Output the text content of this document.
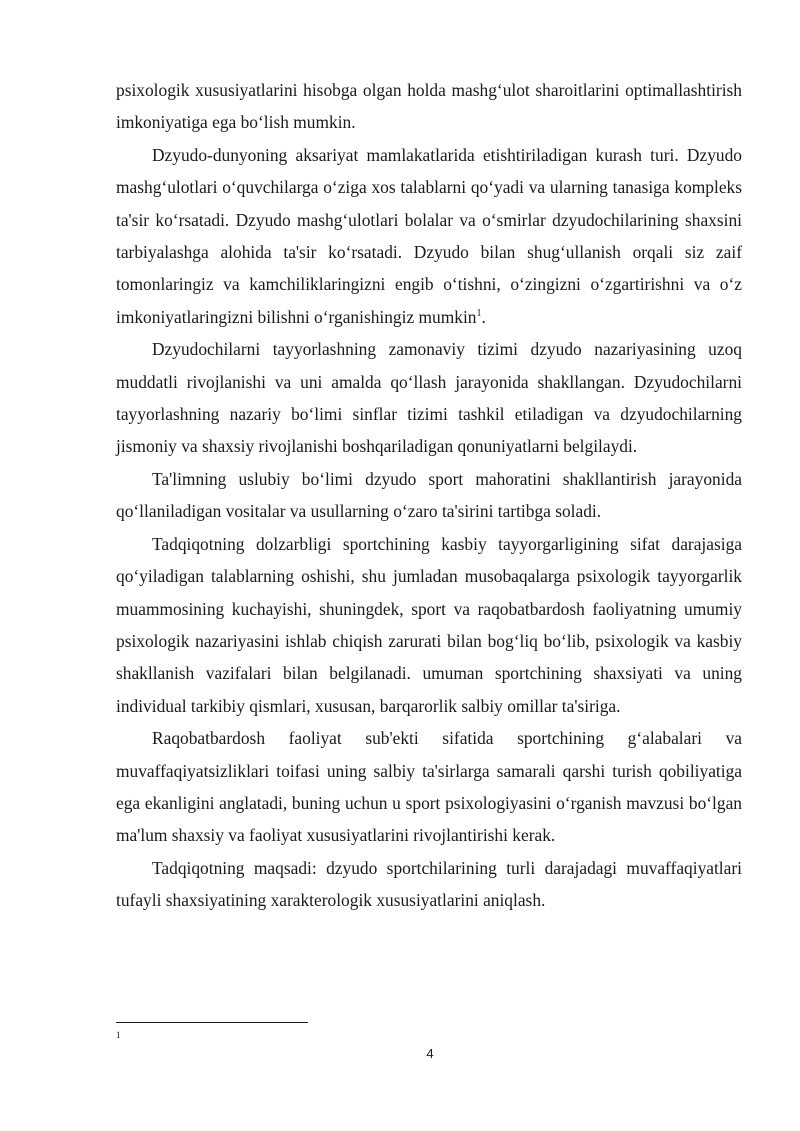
psixologik xususiyatlarini hisobga olgan holda mashg‘ulot sharoitlarini optimallashtirish imkoniyatiga ega bo‘lish mumkin.

Dzyudo-dunyoning aksariyat mamlakatlarida etishtiriladigan kurash turi. Dzyudo mashg‘ulotlari o‘quvchilarga o‘ziga xos talablarni qo‘yadi va ularning tanasiga kompleks ta'sir ko‘rsatadi. Dzyudo mashg‘ulotlari bolalar va o‘smirlar dzyudochilarining shaxsini tarbiyalashga alohida ta'sir ko‘rsatadi. Dzyudo bilan shug‘ullanish orqali siz zaif tomonlaringiz va kamchiliklaringizni engib o‘tishni, o‘zingizni o‘zgartirishni va o‘z imkoniyatlaringizni bilishni o‘rganishingiz mumkin$^1$.

Dzyudochilarni tayyorlashning zamonaviy tizimi dzyudo nazariyasining uzoq muddatli rivojlanishi va uni amalda qo‘llash jarayonida shakllangan. Dzyudochilarni tayyorlashning nazariy bo‘limi sinflar tizimi tashkil etiladigan va dzyudochilarning jismoniy va shaxsiy rivojlanishi boshqariladigan qonuniyatlarni belgilaydi.

Ta'limning uslubiy bo‘limi dzyudo sport mahoratini shakllantirish jarayonida qo‘llaniladigan vositalar va usullarning o‘zaro ta'sirini tartibga soladi.

Tadqiqotning dolzarbligi sportchining kasbiy tayyorgarligining sifat darajasiga qo‘yiladigan talablarning oshishi, shu jumladan musobaqalarga psixologik tayyorgarlik muammosining kuchayishi, shuningdek, sport va raqobatbardosh faoliyatning umumiy psixologik nazariyasini ishlab chiqish zarurati bilan bog‘liq bo‘lib, psixologik va kasbiy shakllanish vazifalari bilan belgilanadi. umuman sportchining shaxsiyati va uning individual tarkibiy qismlari, xususan, barqarorlik salbiy omillar ta'siriga.

Raqobatbardosh faoliyat sub'ekti sifatida sportchining g‘alabalari va muvaffaqiyatsizliklari toifasi uning salbiy ta'sirlarga samarali qarshi turish qobiliyatiga ega ekanligini anglatadi, buning uchun u sport psixologiyasini o‘rganish mavzusi bo‘lgan ma'lum shaxsiy va faoliyat xususiyatlarini rivojlantirishi kerak.

Tadqiqotning maqsadi: dzyudo sportchilarining turli darajadagi muvaffaqiyatlari tufayli shaxsiyatining xarakterologik xususiyatlarini aniqlash.

1
4
